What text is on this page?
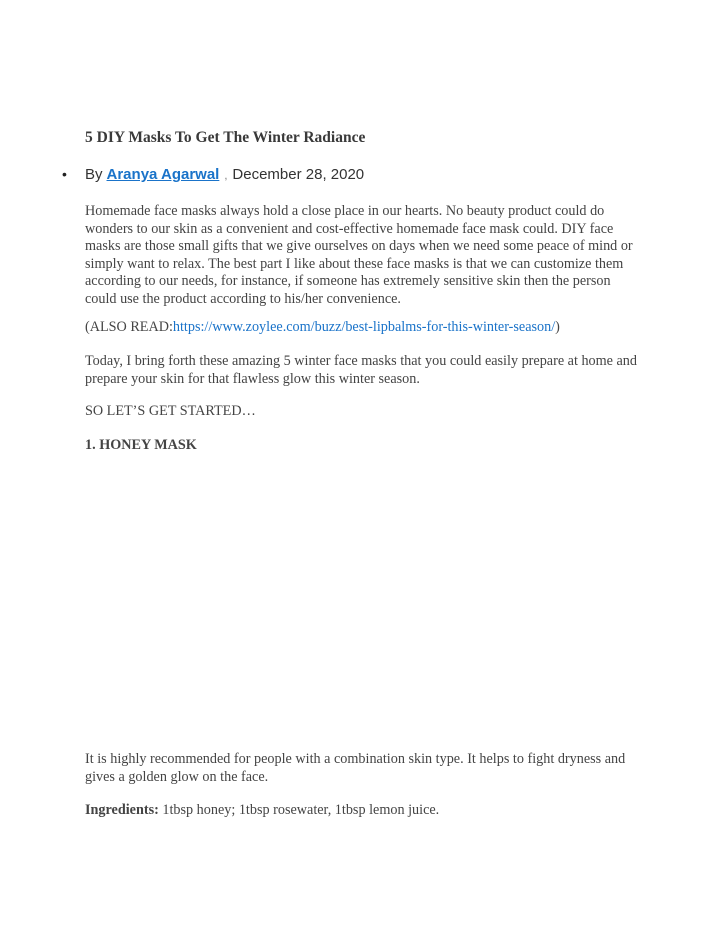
5 DIY Masks To Get The Winter Radiance
•	By Aranya Agarwal , December 28, 2020
Homemade face masks always hold a close place in our hearts. No beauty product could do wonders to our skin as a convenient and cost-effective homemade face mask could. DIY face masks are those small gifts that we give ourselves on days when we need some peace of mind or simply want to relax. The best part I like about these face masks is that we can customize them according to our needs, for instance, if someone has extremely sensitive skin then the person could use the product according to his/her convenience.
(ALSO READ:https://www.zoylee.com/buzz/best-lipbalms-for-this-winter-season/)
Today, I bring forth these amazing 5 winter face masks that you could easily prepare at home and prepare your skin for that flawless glow this winter season.
SO LET’S GET STARTED…
1. HONEY MASK
It is highly recommended for people with a combination skin type. It helps to fight dryness and gives a golden glow on the face.
Ingredients: 1tbsp honey; 1tbsp rosewater, 1tbsp lemon juice.
